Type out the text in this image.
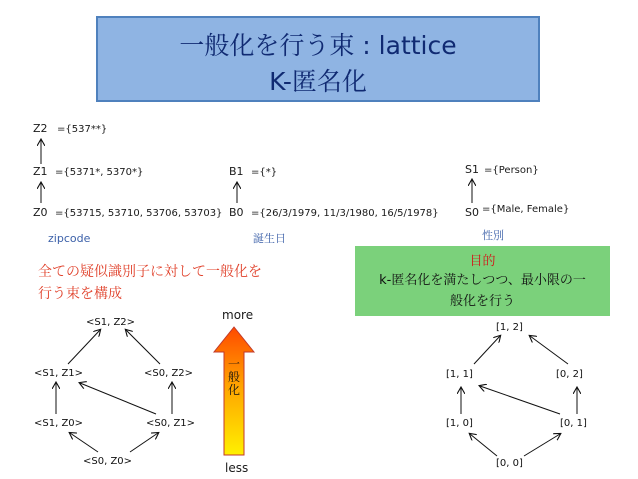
一般化を行う束 : lattice
K-匿名化
Z2 ={537**}
Z1 ={5371*, 5370*}
Z0 ={53715, 53710, 53706, 53703}
zipcode
B1 ={*}
B0 ={26/3/1979, 11/3/1980, 16/5/1978}
誕生日
S1 ={Person}
S0 ={Male, Female}
性別
全ての疑似識別子に対して一般化を
行う束を構成
目的
k-匿名化を満たしつつ、最小限の一
般化を行う
<S1, Z2>
<S1, Z1>	<S0, Z2>
<S1, Z0>	<S0, Z1>
<S0, Z0>
more
less
一般化
[1, 2]
[1, 1]	[0, 2]
[1, 0]	[0, 1]
[0, 0]
